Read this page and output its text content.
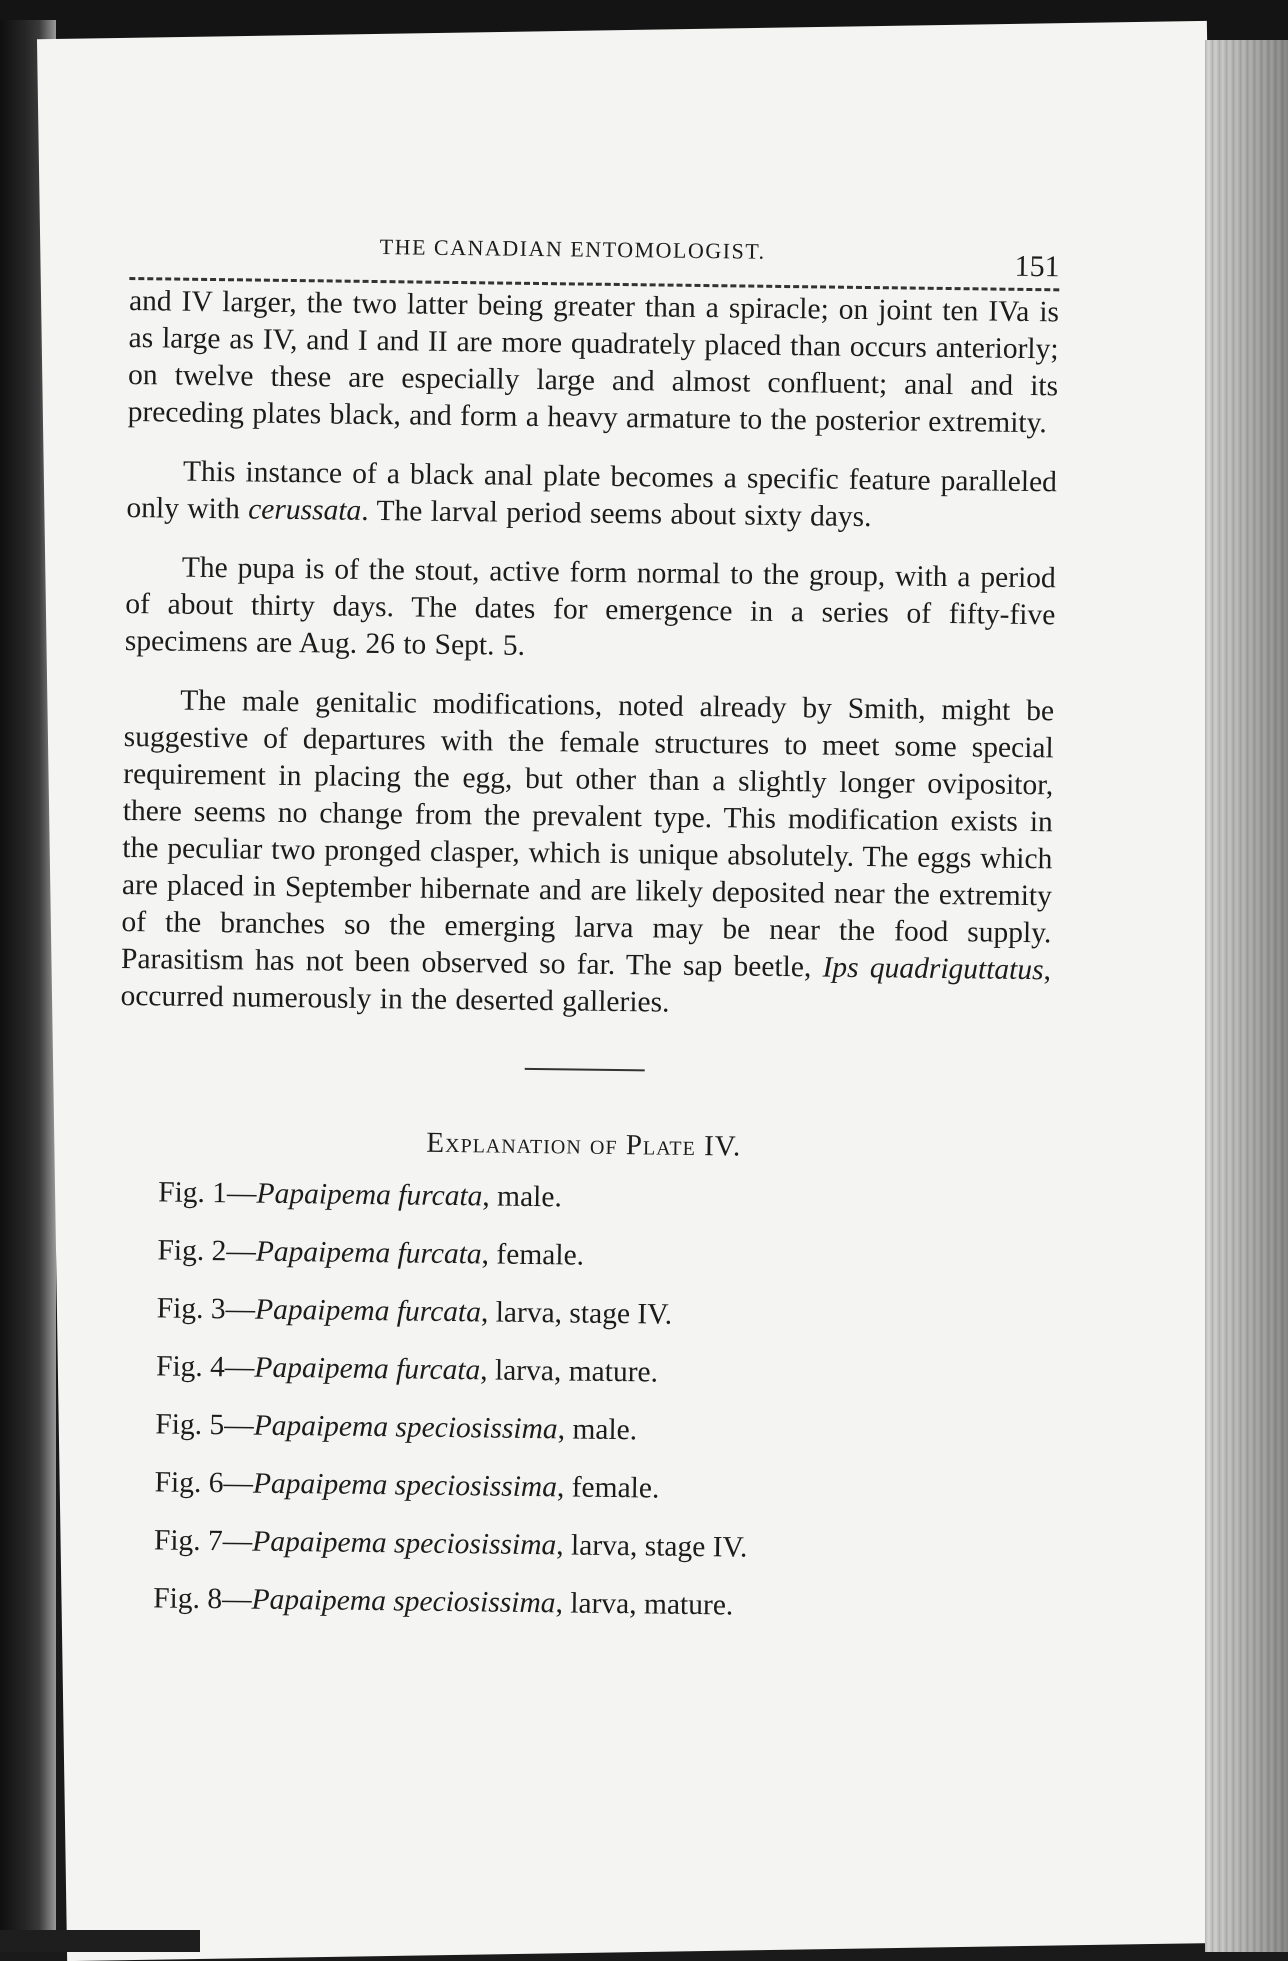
THE CANADIAN ENTOMOLOGIST.
151

and IV larger, the two latter being greater than a spiracle; on joint ten IVa is as large as IV, and I and II are more quadrately placed than occurs anteriorly; on twelve these are especially large and almost confluent; anal and its preceding plates black, and form a heavy armature to the posterior extremity.

This instance of a black anal plate becomes a specific feature paralleled only with cerussata. The larval period seems about sixty days.

The pupa is of the stout, active form normal to the group, with a period of about thirty days. The dates for emergence in a series of fifty-five specimens are Aug. 26 to Sept. 5.

The male genitalic modifications, noted already by Smith, might be suggestive of departures with the female structures to meet some special requirement in placing the egg, but other than a slightly longer ovipositor, there seems no change from the prevalent type. This modification exists in the peculiar two pronged clasper, which is unique absolutely. The eggs which are placed in September hibernate and are likely deposited near the extremity of the branches so the emerging larva may be near the food supply. Parasitism has not been observed so far. The sap beetle, Ips quadriguttatus, occurred numerously in the deserted galleries.

Explanation of Plate IV.
Fig. 1—Papaipema furcata, male.
Fig. 2—Papaipema furcata, female.
Fig. 3—Papaipema furcata, larva, stage IV.
Fig. 4—Papaipema furcata, larva, mature.
Fig. 5—Papaipema speciosissima, male.
Fig. 6—Papaipema speciosissima, female.
Fig. 7—Papaipema speciosissima, larva, stage IV.
Fig. 8—Papaipema speciosissima, larva, mature.
